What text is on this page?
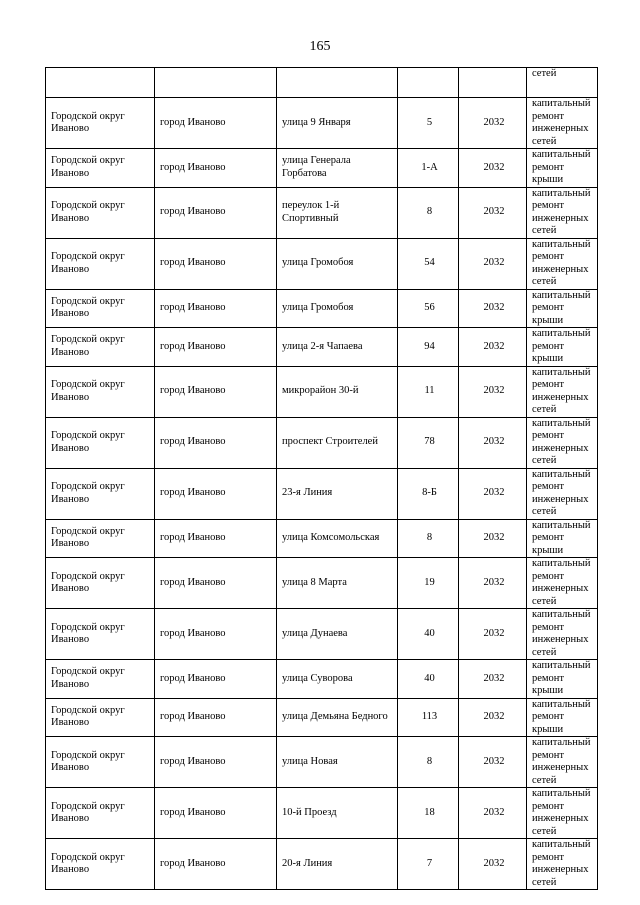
165
					сетей
Городской округ Иваново	город Иваново	улица 9 Января	5	2032	капитальный ремонт инженерных сетей
Городской округ Иваново	город Иваново	улица Генерала Горбатова	1-А	2032	капитальный ремонт крыши
Городской округ Иваново	город Иваново	переулок 1-й Спортивный	8	2032	капитальный ремонт инженерных сетей
Городской округ Иваново	город Иваново	улица Громобоя	54	2032	капитальный ремонт инженерных сетей
Городской округ Иваново	город Иваново	улица Громобоя	56	2032	капитальный ремонт крыши
Городской округ Иваново	город Иваново	улица 2-я Чапаева	94	2032	капитальный ремонт крыши
Городской округ Иваново	город Иваново	микрорайон 30-й	11	2032	капитальный ремонт инженерных сетей
Городской округ Иваново	город Иваново	проспект Строителей	78	2032	капитальный ремонт инженерных сетей
Городской округ Иваново	город Иваново	23-я Линия	8-Б	2032	капитальный ремонт инженерных сетей
Городской округ Иваново	город Иваново	улица Комсомольская	8	2032	капитальный ремонт крыши
Городской округ Иваново	город Иваново	улица 8 Марта	19	2032	капитальный ремонт инженерных сетей
Городской округ Иваново	город Иваново	улица Дунаева	40	2032	капитальный ремонт инженерных сетей
Городской округ Иваново	город Иваново	улица Суворова	40	2032	капитальный ремонт крыши
Городской округ Иваново	город Иваново	улица Демьяна Бедного	113	2032	капитальный ремонт крыши
Городской округ Иваново	город Иваново	улица Новая	8	2032	капитальный ремонт инженерных сетей
Городской округ Иваново	город Иваново	10-й Проезд	18	2032	капитальный ремонт инженерных сетей
Городской округ Иваново	город Иваново	20-я Линия	7	2032	капитальный ремонт инженерных сетей
